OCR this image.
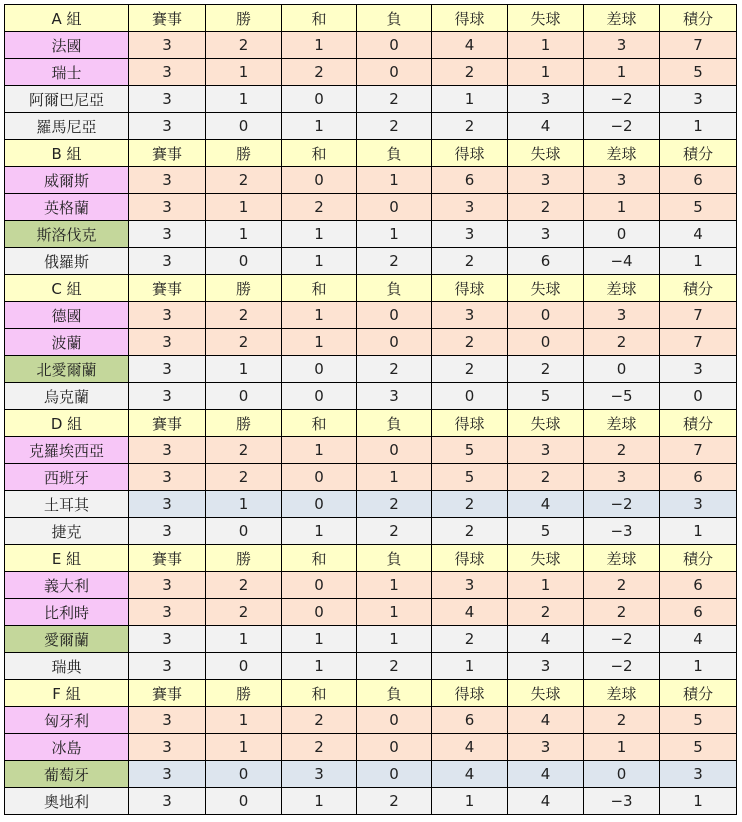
A 組	賽事	勝	和	負	得球	失球	差球	積分
法國	3	2	1	0	4	1	3	7
瑞士	3	1	2	0	2	1	1	5
阿爾巴尼亞	3	1	0	2	1	3	−2	3
羅馬尼亞	3	0	1	2	2	4	−2	1
B 組	賽事	勝	和	負	得球	失球	差球	積分
威爾斯	3	2	0	1	6	3	3	6
英格蘭	3	1	2	0	3	2	1	5
斯洛伐克	3	1	1	1	3	3	0	4
俄羅斯	3	0	1	2	2	6	−4	1
C 組	賽事	勝	和	負	得球	失球	差球	積分
德國	3	2	1	0	3	0	3	7
波蘭	3	2	1	0	2	0	2	7
北愛爾蘭	3	1	0	2	2	2	0	3
烏克蘭	3	0	0	3	0	5	−5	0
D 組	賽事	勝	和	負	得球	失球	差球	積分
克羅埃西亞	3	2	1	0	5	3	2	7
西班牙	3	2	0	1	5	2	3	6
土耳其	3	1	0	2	2	4	−2	3
捷克	3	0	1	2	2	5	−3	1
E 組	賽事	勝	和	負	得球	失球	差球	積分
義大利	3	2	0	1	3	1	2	6
比利時	3	2	0	1	4	2	2	6
愛爾蘭	3	1	1	1	2	4	−2	4
瑞典	3	0	1	2	1	3	−2	1
F 組	賽事	勝	和	負	得球	失球	差球	積分
匈牙利	3	1	2	0	6	4	2	5
冰島	3	1	2	0	4	3	1	5
葡萄牙	3	0	3	0	4	4	0	3
奧地利	3	0	1	2	1	4	−3	1
